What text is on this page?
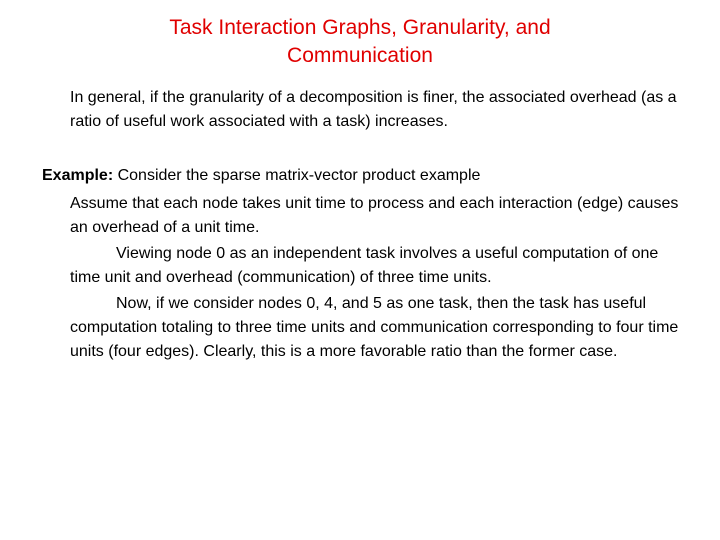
Task Interaction Graphs, Granularity, and
Communication

In general, if the granularity of a decomposition is finer, the associated overhead (as a ratio of useful work associated with a task) increases.

Example: Consider the sparse matrix-vector product example

Assume that each node takes unit time to process and each interaction (edge) causes an overhead of a unit time.

Viewing node 0 as an independent task involves a useful computation of one time unit and overhead (communication) of three time units.

Now, if we consider nodes 0, 4, and 5 as one task, then the task has useful computation totaling to three time units and communication corresponding to four time units (four edges). Clearly, this is a more favorable ratio than the former case.
